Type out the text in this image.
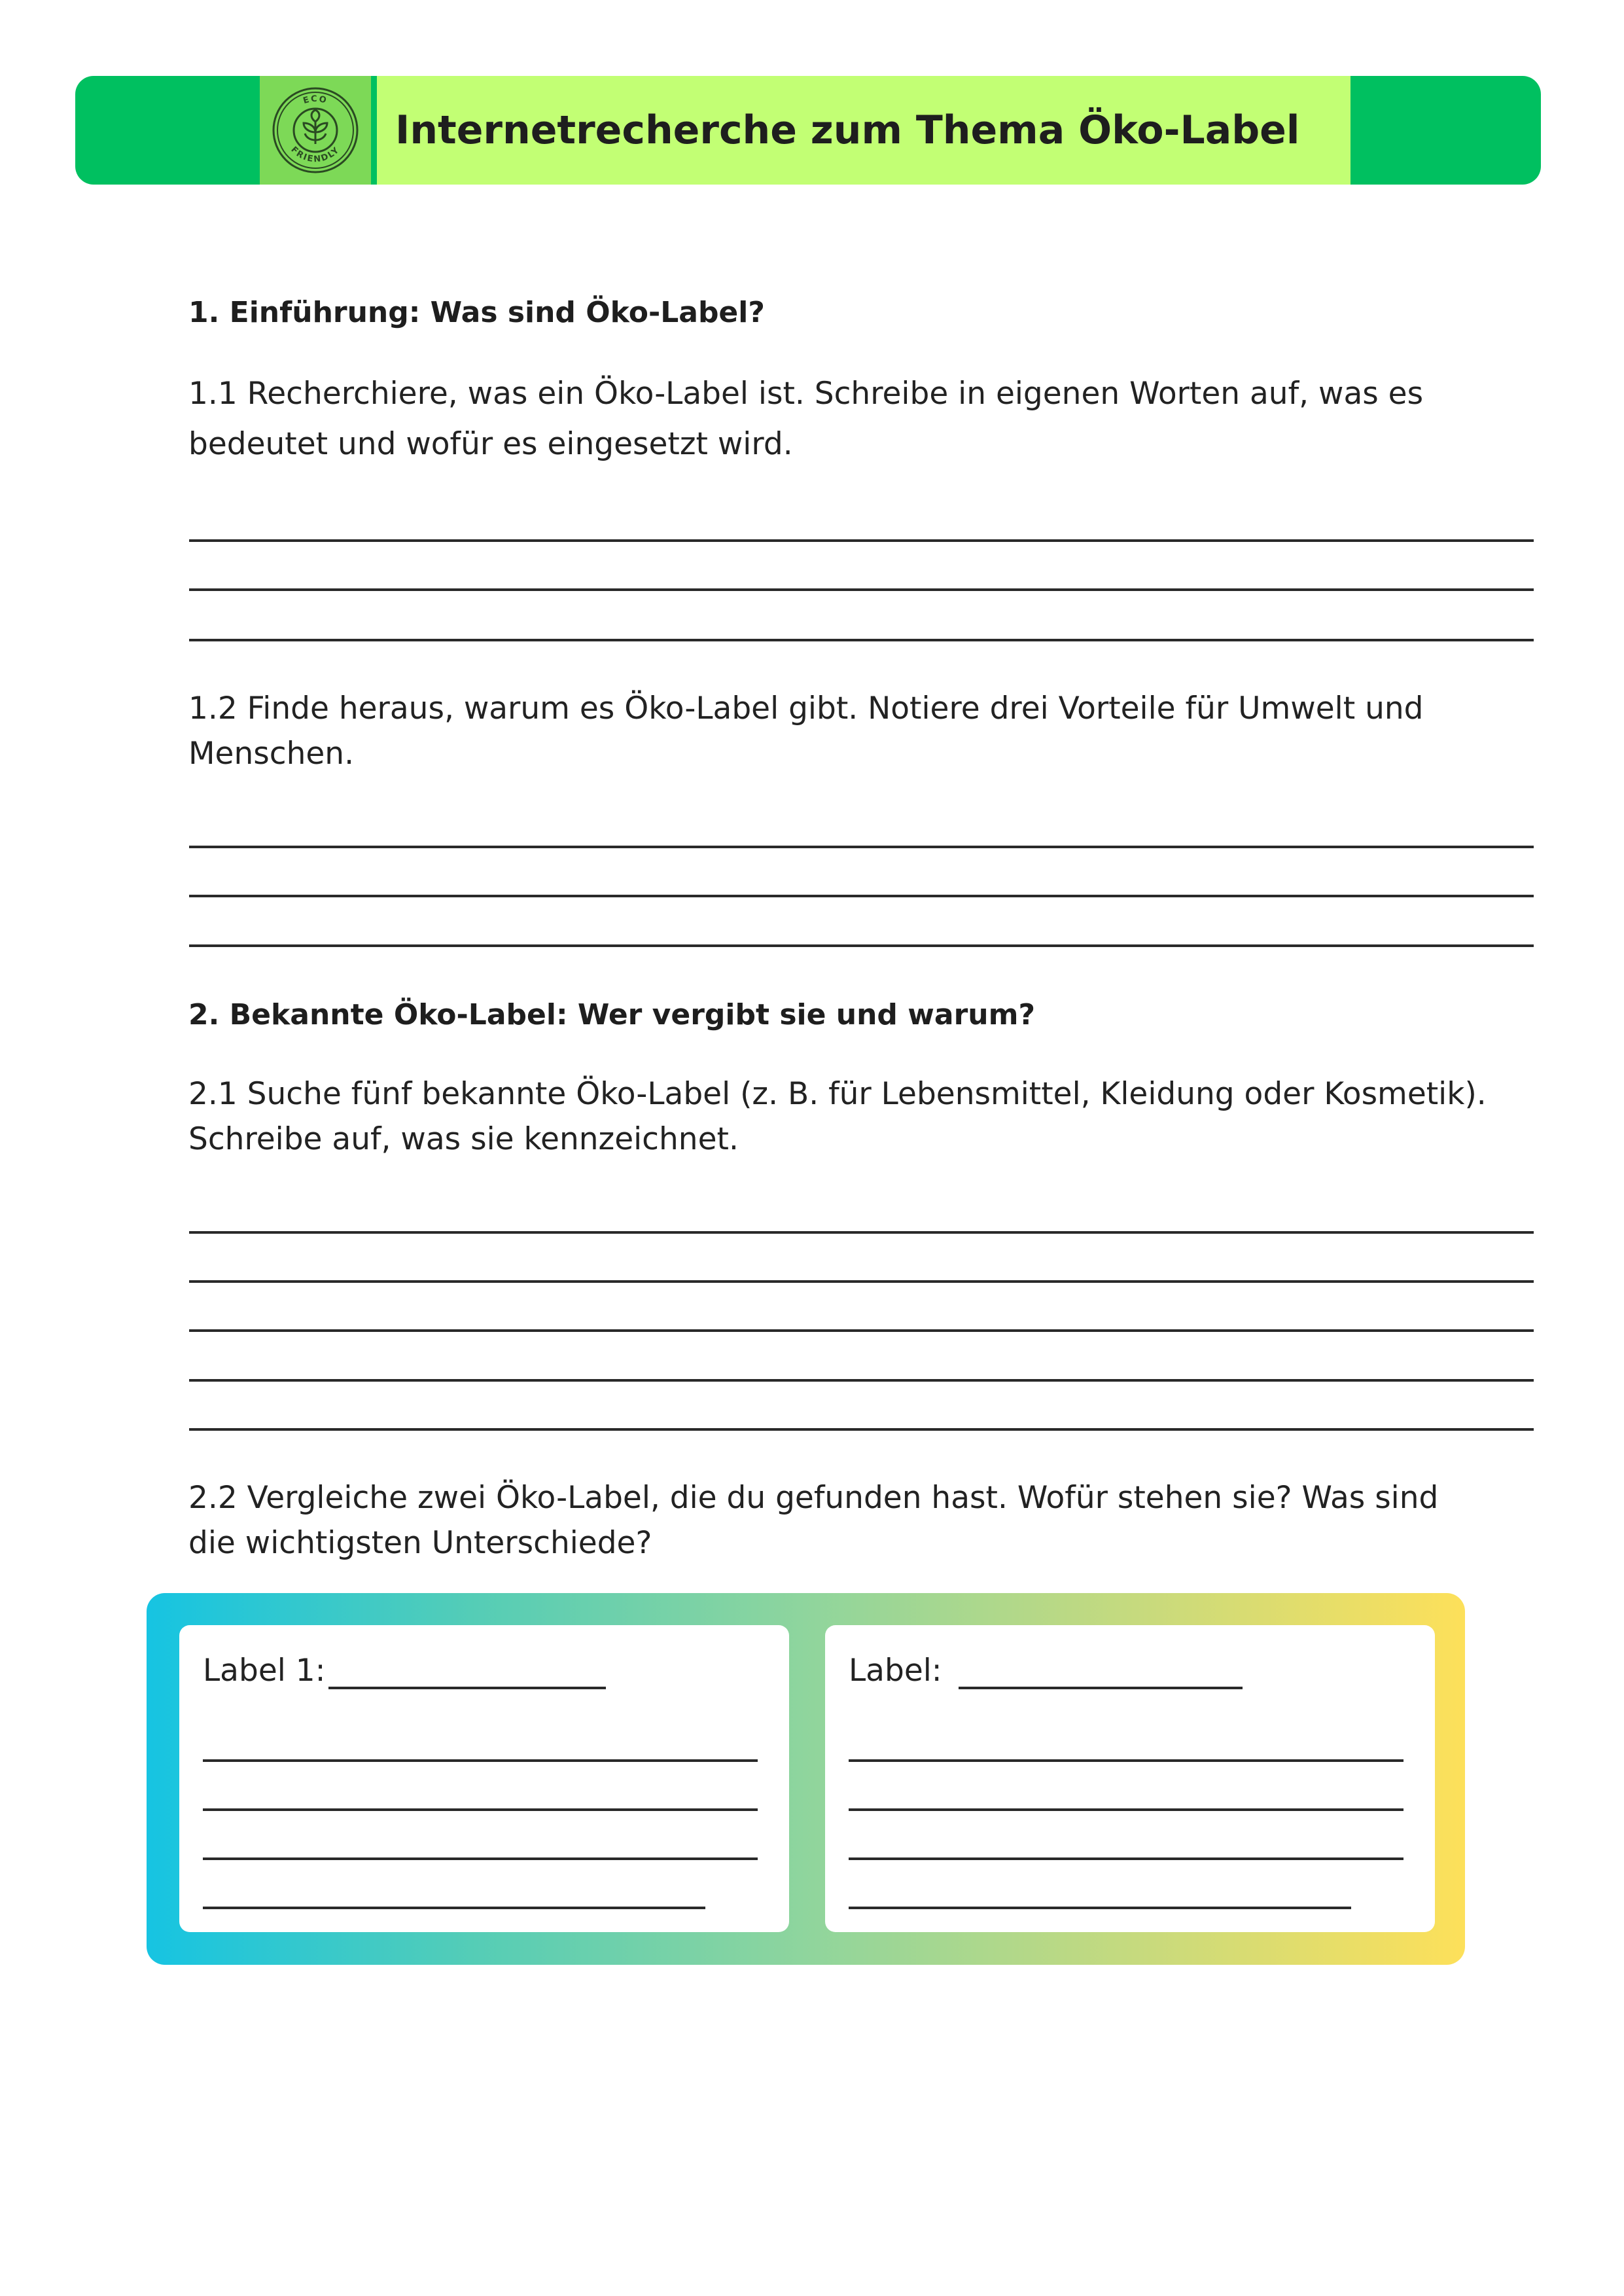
ECO
FRIENDLY Internetrecherche zum Thema Öko-Label
1. Einführung: Was sind Öko-Label?
1.1 Recherchiere, was ein Öko-Label ist. Schreibe in eigenen Worten auf, was es
bedeutet und wofür es eingesetzt wird.
1.2 Finde heraus, warum es Öko-Label gibt. Notiere drei Vorteile für Umwelt und
Menschen.
2. Bekannte Öko-Label: Wer vergibt sie und warum?
2.1 Suche fünf bekannte Öko-Label (z. B. für Lebensmittel, Kleidung oder Kosmetik).
Schreibe auf, was sie kennzeichnet.
2.2 Vergleiche zwei Öko-Label, die du gefunden hast. Wofür stehen sie? Was sind
die wichtigsten Unterschiede?
Label 1:	Label:
